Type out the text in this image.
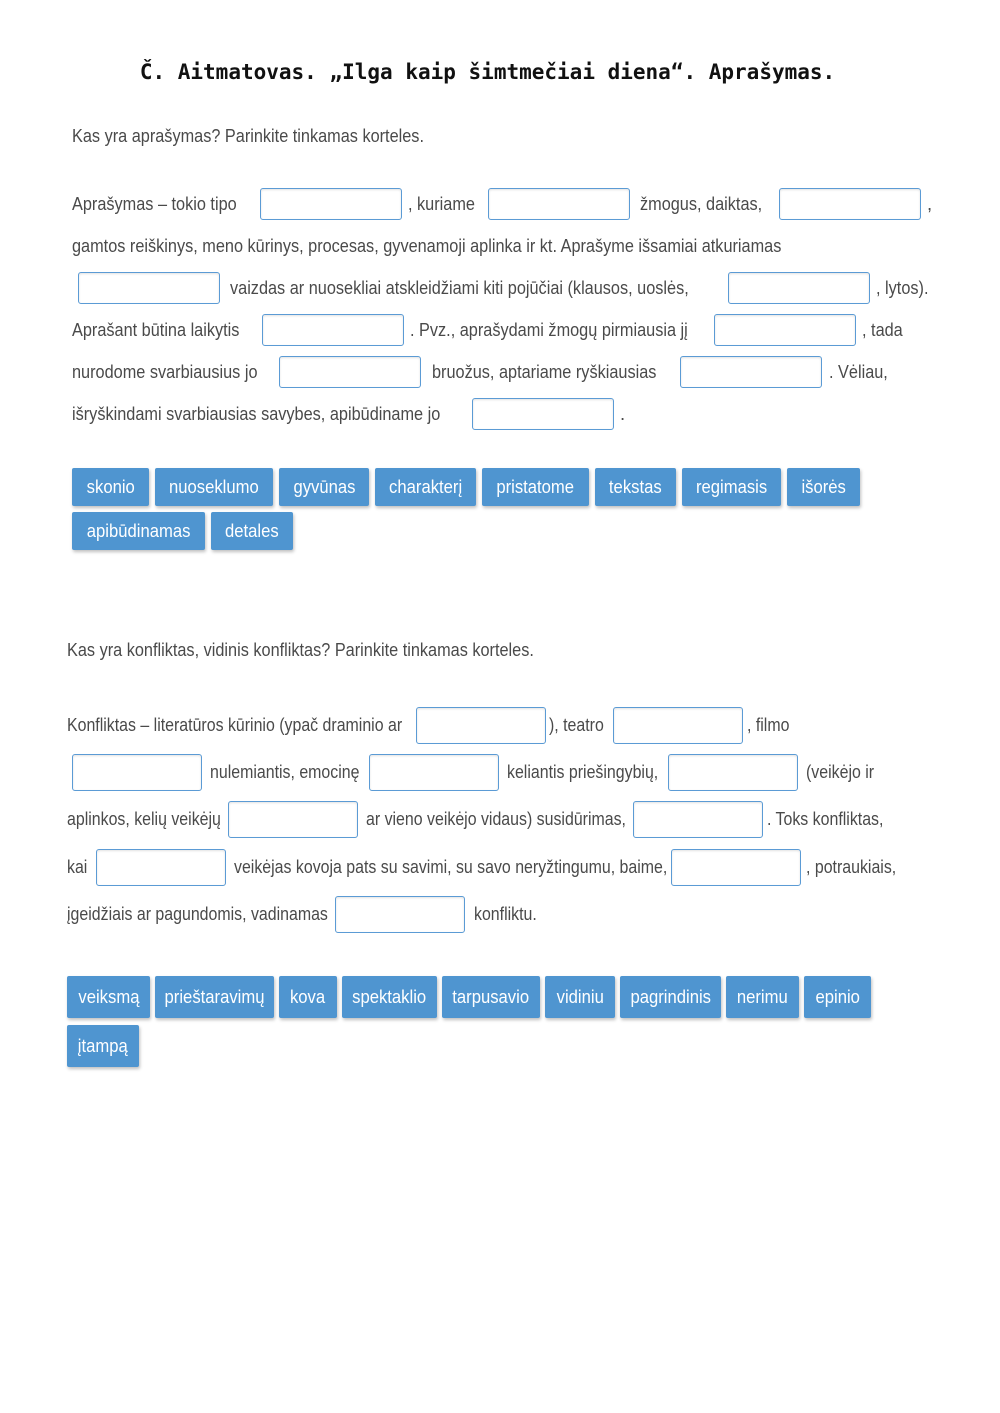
Č. Aitmatovas. „Ilga kaip šimtmečiai diena“. Aprašymas.
Kas yra aprašymas? Parinkite tinkamas korteles.
Aprašymas – tokio tipo	, kuriame	žmogus, daiktas,	,
gamtos reiškinys, meno kūrinys, procesas, gyvenamoji aplinka ir kt. Aprašyme išsamiai atkuriamas
vaizdas ar nuosekliai atskleidžiami kiti pojūčiai (klausos, uoslės,	, lytos).
Aprašant būtina laikytis	. Pvz., aprašydami žmogų pirmiausia jį	, tada
nurodome svarbiausius jo	bruožus, aptariame ryškiausias	. Vėliau,
išryškindami svarbiausias savybes, apibūdiname jo	.
skonio nuoseklumo gyvūnas charakterį pristatome tekstas regimasis išorės
apibūdinamas detales
Kas yra konfliktas, vidinis konfliktas? Parinkite tinkamas korteles.
Konfliktas – literatūros kūrinio (ypač draminio ar	), teatro	, filmo
nulemiantis, emocinę	keliantis priešingybių,	(veikėjo ir
aplinkos, kelių veikėjų	ar vieno veikėjo vidaus) susidūrimas,	. Toks konfliktas,
kai	veikėjas kovoja pats su savimi, su savo neryžtingumu, baime,	, potraukiais,
įgeidžiais ar pagundomis, vadinamas	konfliktu.
veiksmą prieštaravimų kova spektaklio tarpusavio vidiniu pagrindinis nerimu epinio
įtampą
